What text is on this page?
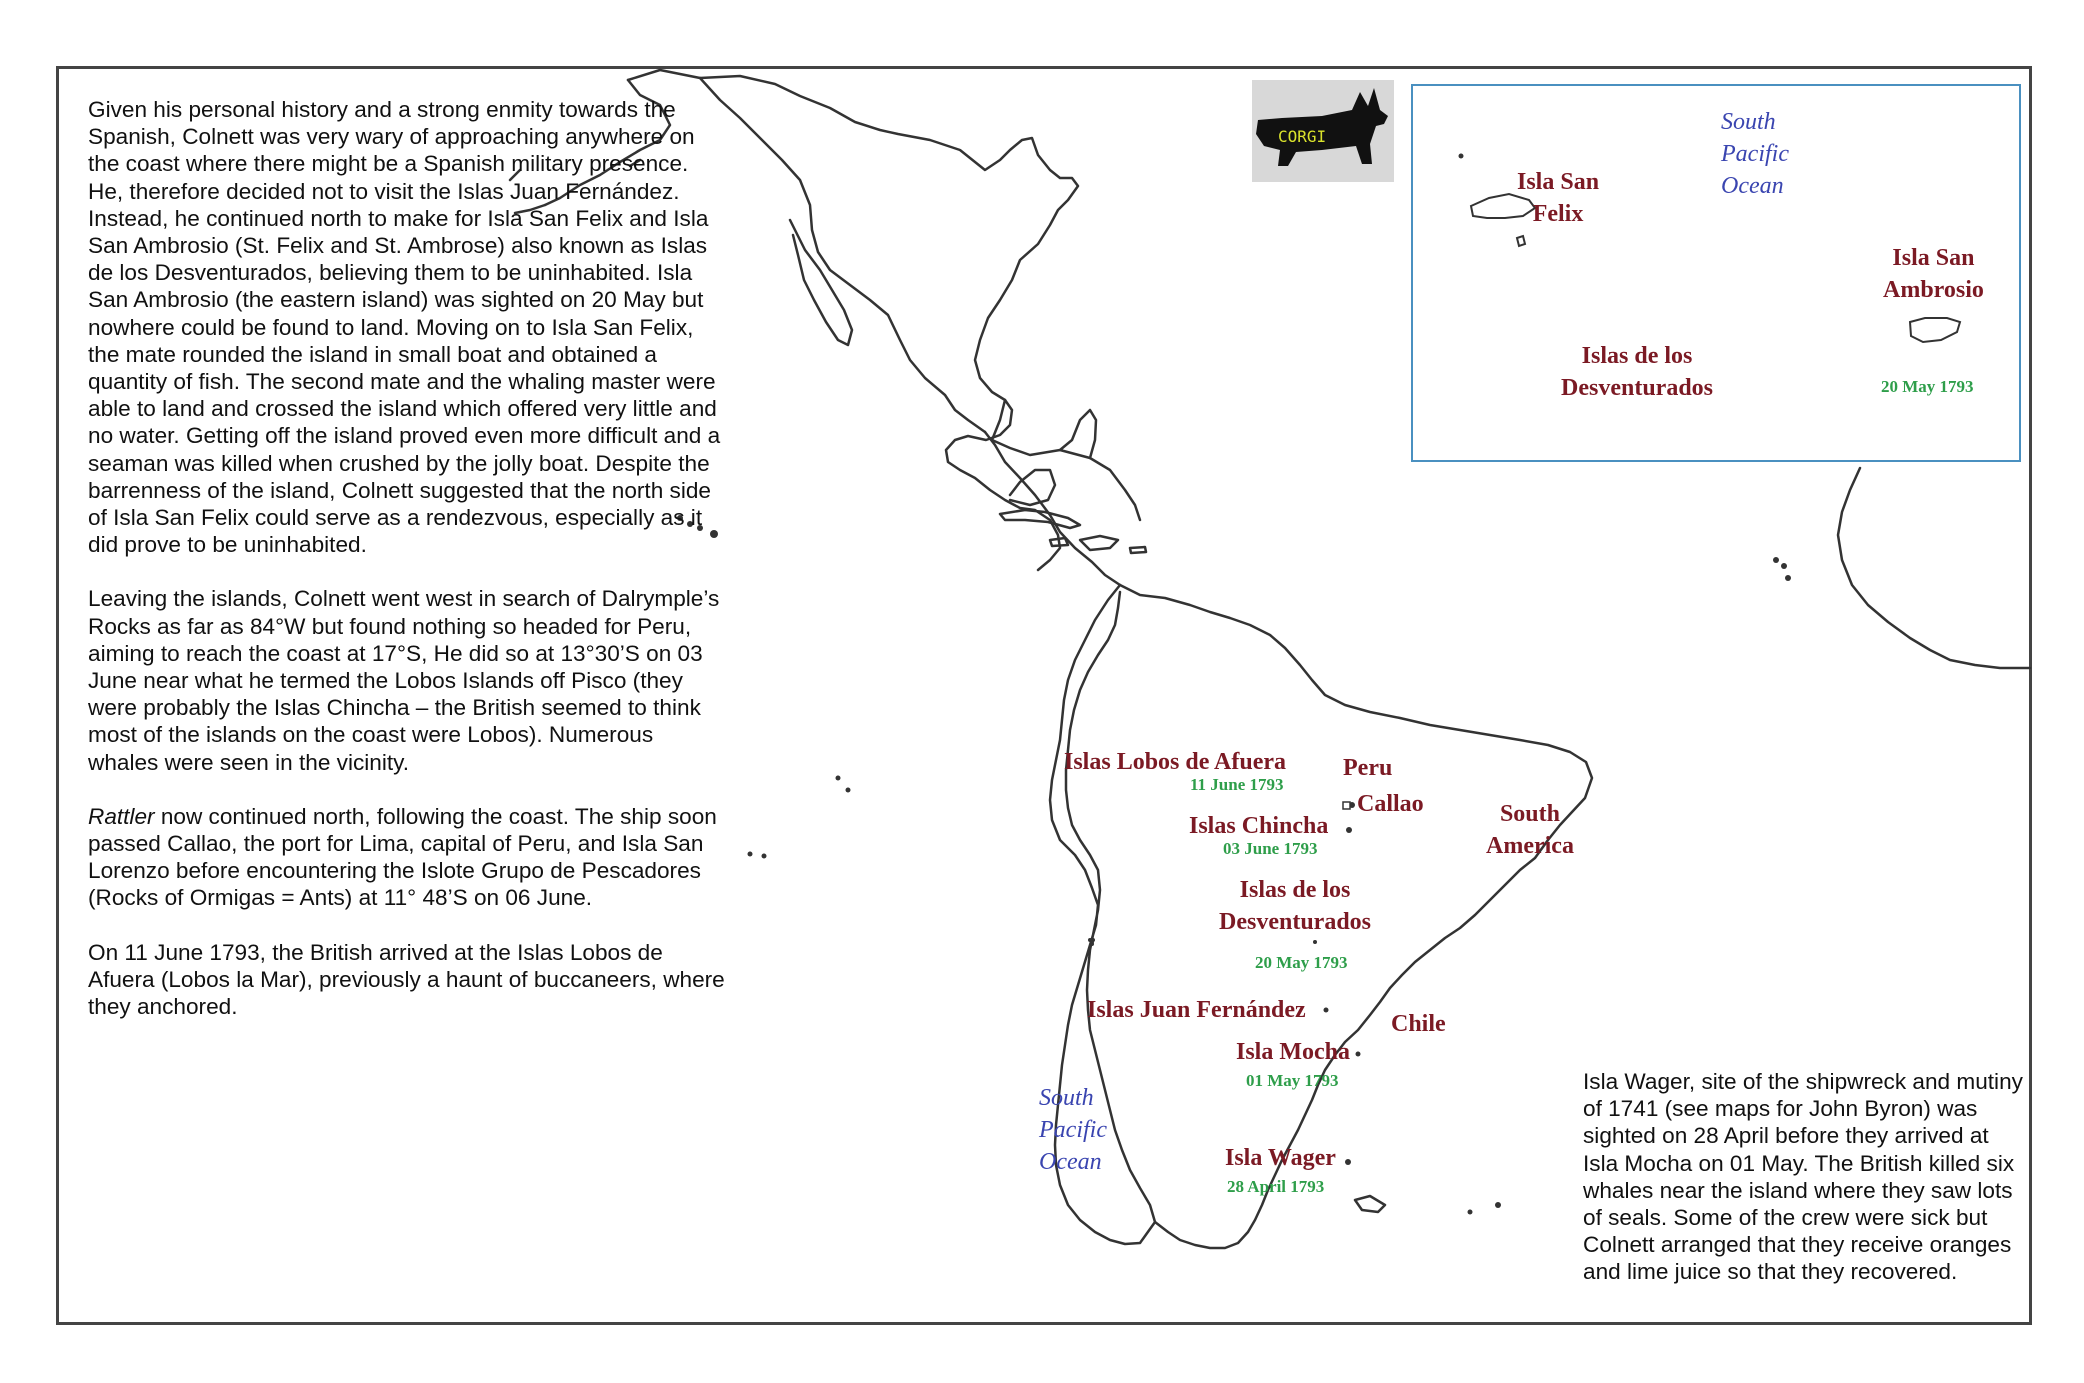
Given his personal history and a strong enmity towards the Spanish, Colnett was very wary of approaching anywhere on the coast where there might be a Spanish military presence. He, therefore decided not to visit the Islas Juan Fernández. Instead, he continued north to make for Isla San Felix and Isla San Ambrosio (St. Felix and St. Ambrose) also known as Islas de los Desventurados, believing them to be uninhabited. Isla San Ambrosio (the eastern island) was sighted on 20 May but nowhere could be found to land. Moving on to Isla San Felix, the mate rounded the island in small boat and obtained a quantity of fish. The second mate and the whaling master were able to land and crossed the island which offered very little and no water. Getting off the island proved even more difficult and a seaman was killed when crushed by the jolly boat. Despite the barrenness of the island, Colnett suggested that the north side of Isla San Felix could serve as a rendezvous, especially as it did prove to be uninhabited.

Leaving the islands, Colnett went west in search of Dalrymple’s Rocks as far as 84°W but found nothing so headed for Peru, aiming to reach the coast at 17°S, He did so at 13°30’S on 03 June near what he termed the Lobos Islands off Pisco (they were probably the Islas Chincha – the British seemed to think most of the islands on the coast were Lobos). Numerous whales were seen in the vicinity.

Rattler now continued north, following the coast. The ship soon passed Callao, the port for Lima, capital of Peru, and Isla San Lorenzo before encountering the Islote Grupo de Pescadores (Rocks of Ormigas = Ants) at 11° 48’S on 06 June.

On 11 June 1793, the British arrived at the Islas Lobos de Afuera (Lobos la Mar), previously a haunt of buccaneers, where they anchored.

CORGI
South
Pacific
Ocean
Isla San
Felix
Isla San
Ambrosio
Islas de los
Desventurados	20 May 1793
Islas Lobos de Afuera
11 June 1793
Peru
Callao
Islas Chincha
03 June 1793
South
America
Islas de los
Desventurados
20 May 1793
Islas Juan Fernández
Chile
Isla Mocha
01 May 1793
Isla Wager
28 April 1793
South
Pacific
Ocean
Isla Wager, site of the shipwreck and mutiny of 1741 (see maps for John Byron) was sighted on 28 April before they arrived at Isla Mocha on 01 May. The British killed six whales near the island where they saw lots of seals. Some of the crew were sick but Colnett arranged that they receive oranges and lime juice so that they recovered.
